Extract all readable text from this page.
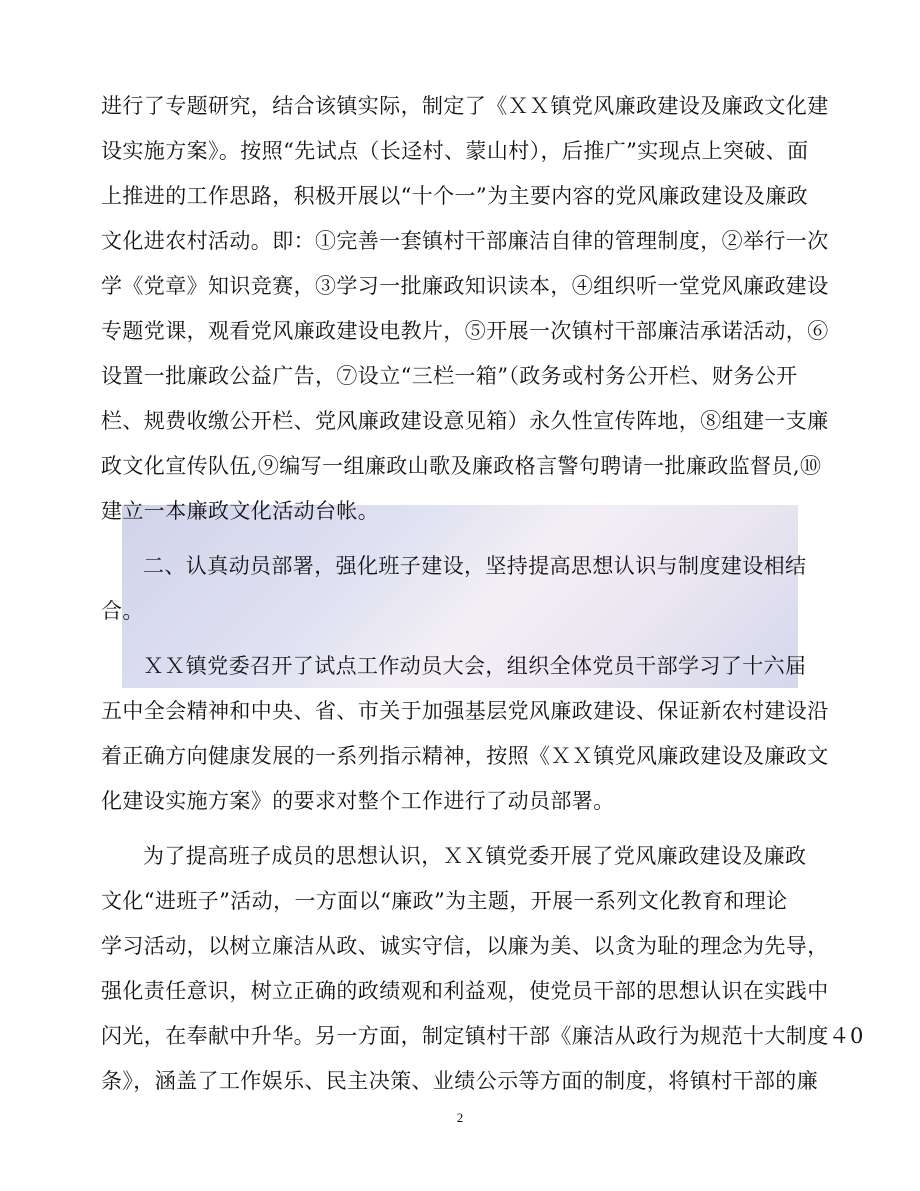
进行了专题研究，结合该镇实际，制定了《ＸＸ镇党风廉政建设及廉政文化建
设实施方案》。按照“先试点（长迳村、蒙山村），后推广”实现点上突破、面
上推进的工作思路，积极开展以“十个一”为主要内容的党风廉政建设及廉政
文化进农村活动。即：①完善一套镇村干部廉洁自律的管理制度，②举行一次
学《党章》知识竞赛，③学习一批廉政知识读本，④组织听一堂党风廉政建设
专题党课，观看党风廉政建设电教片，⑤开展一次镇村干部廉洁承诺活动，⑥
设置一批廉政公益广告，⑦设立“三栏一箱”（政务或村务公开栏、财务公开
栏、规费收缴公开栏、党风廉政建设意见箱）永久性宣传阵地，⑧组建一支廉
政文化宣传队伍,⑨编写一组廉政山歌及廉政格言警句聘请一批廉政监督员,⑩
建立一本廉政文化活动台帐。
二、认真动员部署，强化班子建设，坚持提高思想认识与制度建设相结
合。
ＸＸ镇党委召开了试点工作动员大会，组织全体党员干部学习了十六届
五中全会精神和中央、省、市关于加强基层党风廉政建设、保证新农村建设沿
着正确方向健康发展的一系列指示精神，按照《ＸＸ镇党风廉政建设及廉政文
化建设实施方案》的要求对整个工作进行了动员部署。
为了提高班子成员的思想认识，ＸＸ镇党委开展了党风廉政建设及廉政
文化“进班子”活动，一方面以“廉政”为主题，开展一系列文化教育和理论
学习活动，以树立廉洁从政、诚实守信，以廉为美、以贪为耻的理念为先导，
强化责任意识，树立正确的政绩观和利益观，使党员干部的思想认识在实践中
闪光，在奉献中升华。另一方面，制定镇村干部《廉洁从政行为规范十大制度４0
条》，涵盖了工作娱乐、民主决策、业绩公示等方面的制度，将镇村干部的廉
2
